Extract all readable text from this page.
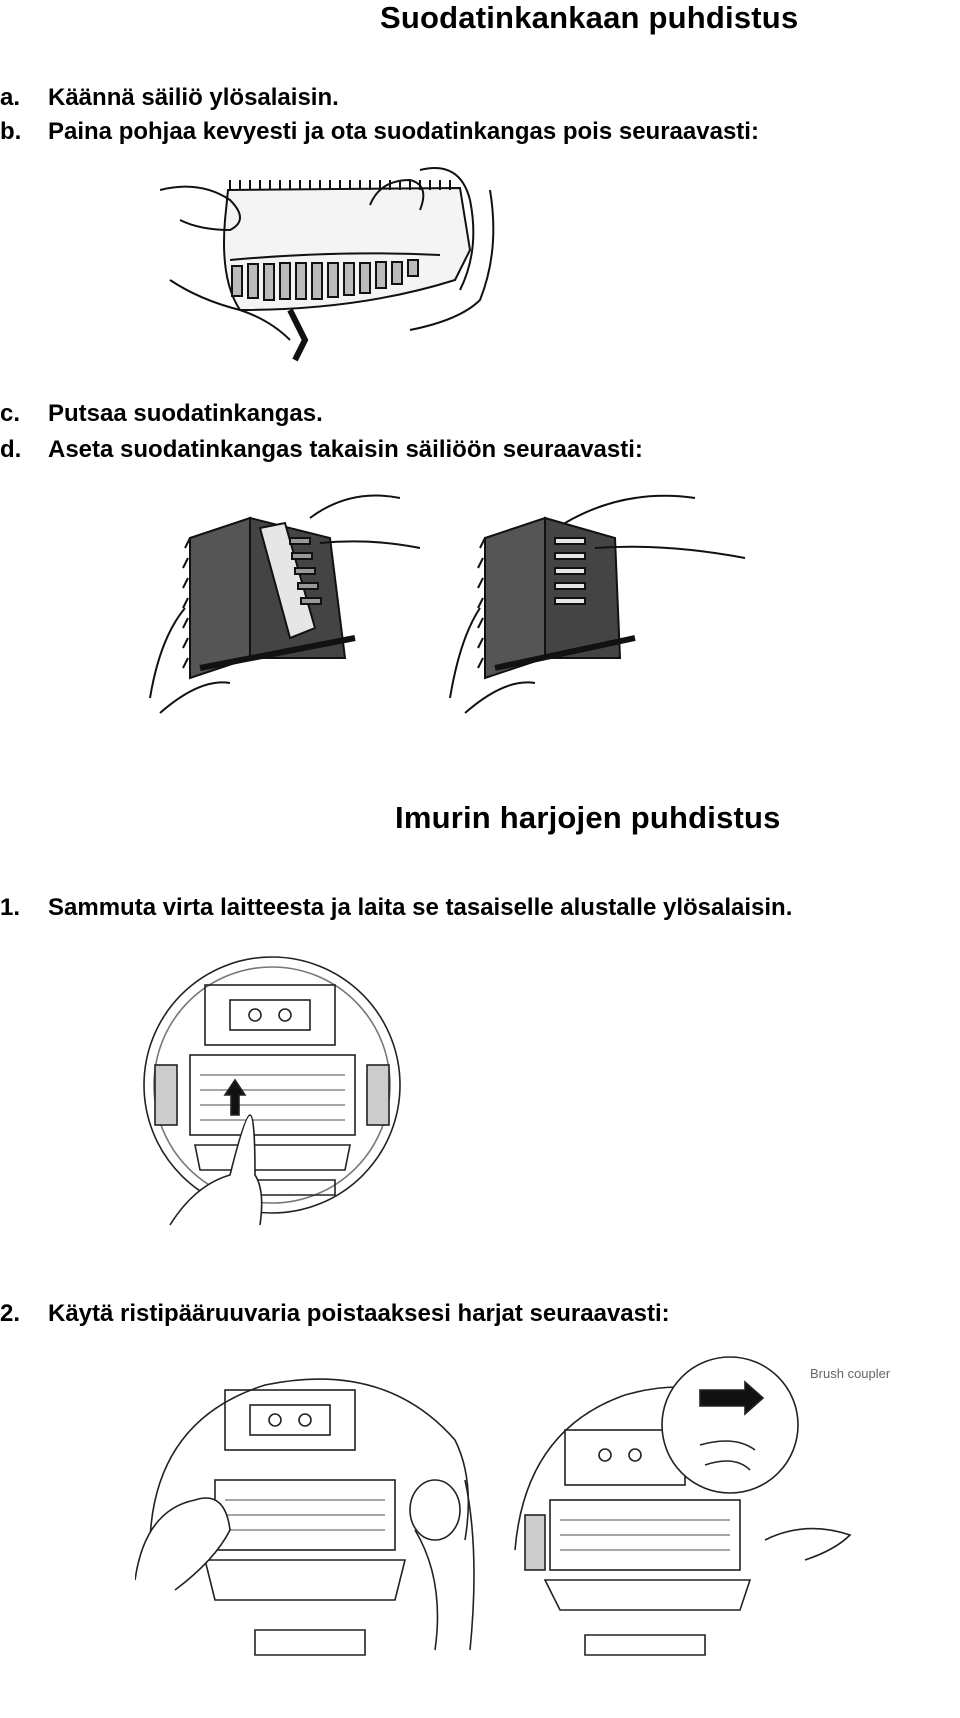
Suodatinkankaan puhdistus
a. Käännä säiliö ylösalaisin.
b. Paina pohjaa kevyesti ja ota suodatinkangas pois seuraavasti:
c. Putsaa suodatinkangas.
d. Aseta suodatinkangas takaisin säiliöön seuraavasti:
Imurin harjojen puhdistus
1. Sammuta virta laitteesta ja laita se tasaiselle alustalle ylösalaisin.
2. Käytä ristipääruuvaria poistaaksesi harjat seuraavasti:
Brush coupler
